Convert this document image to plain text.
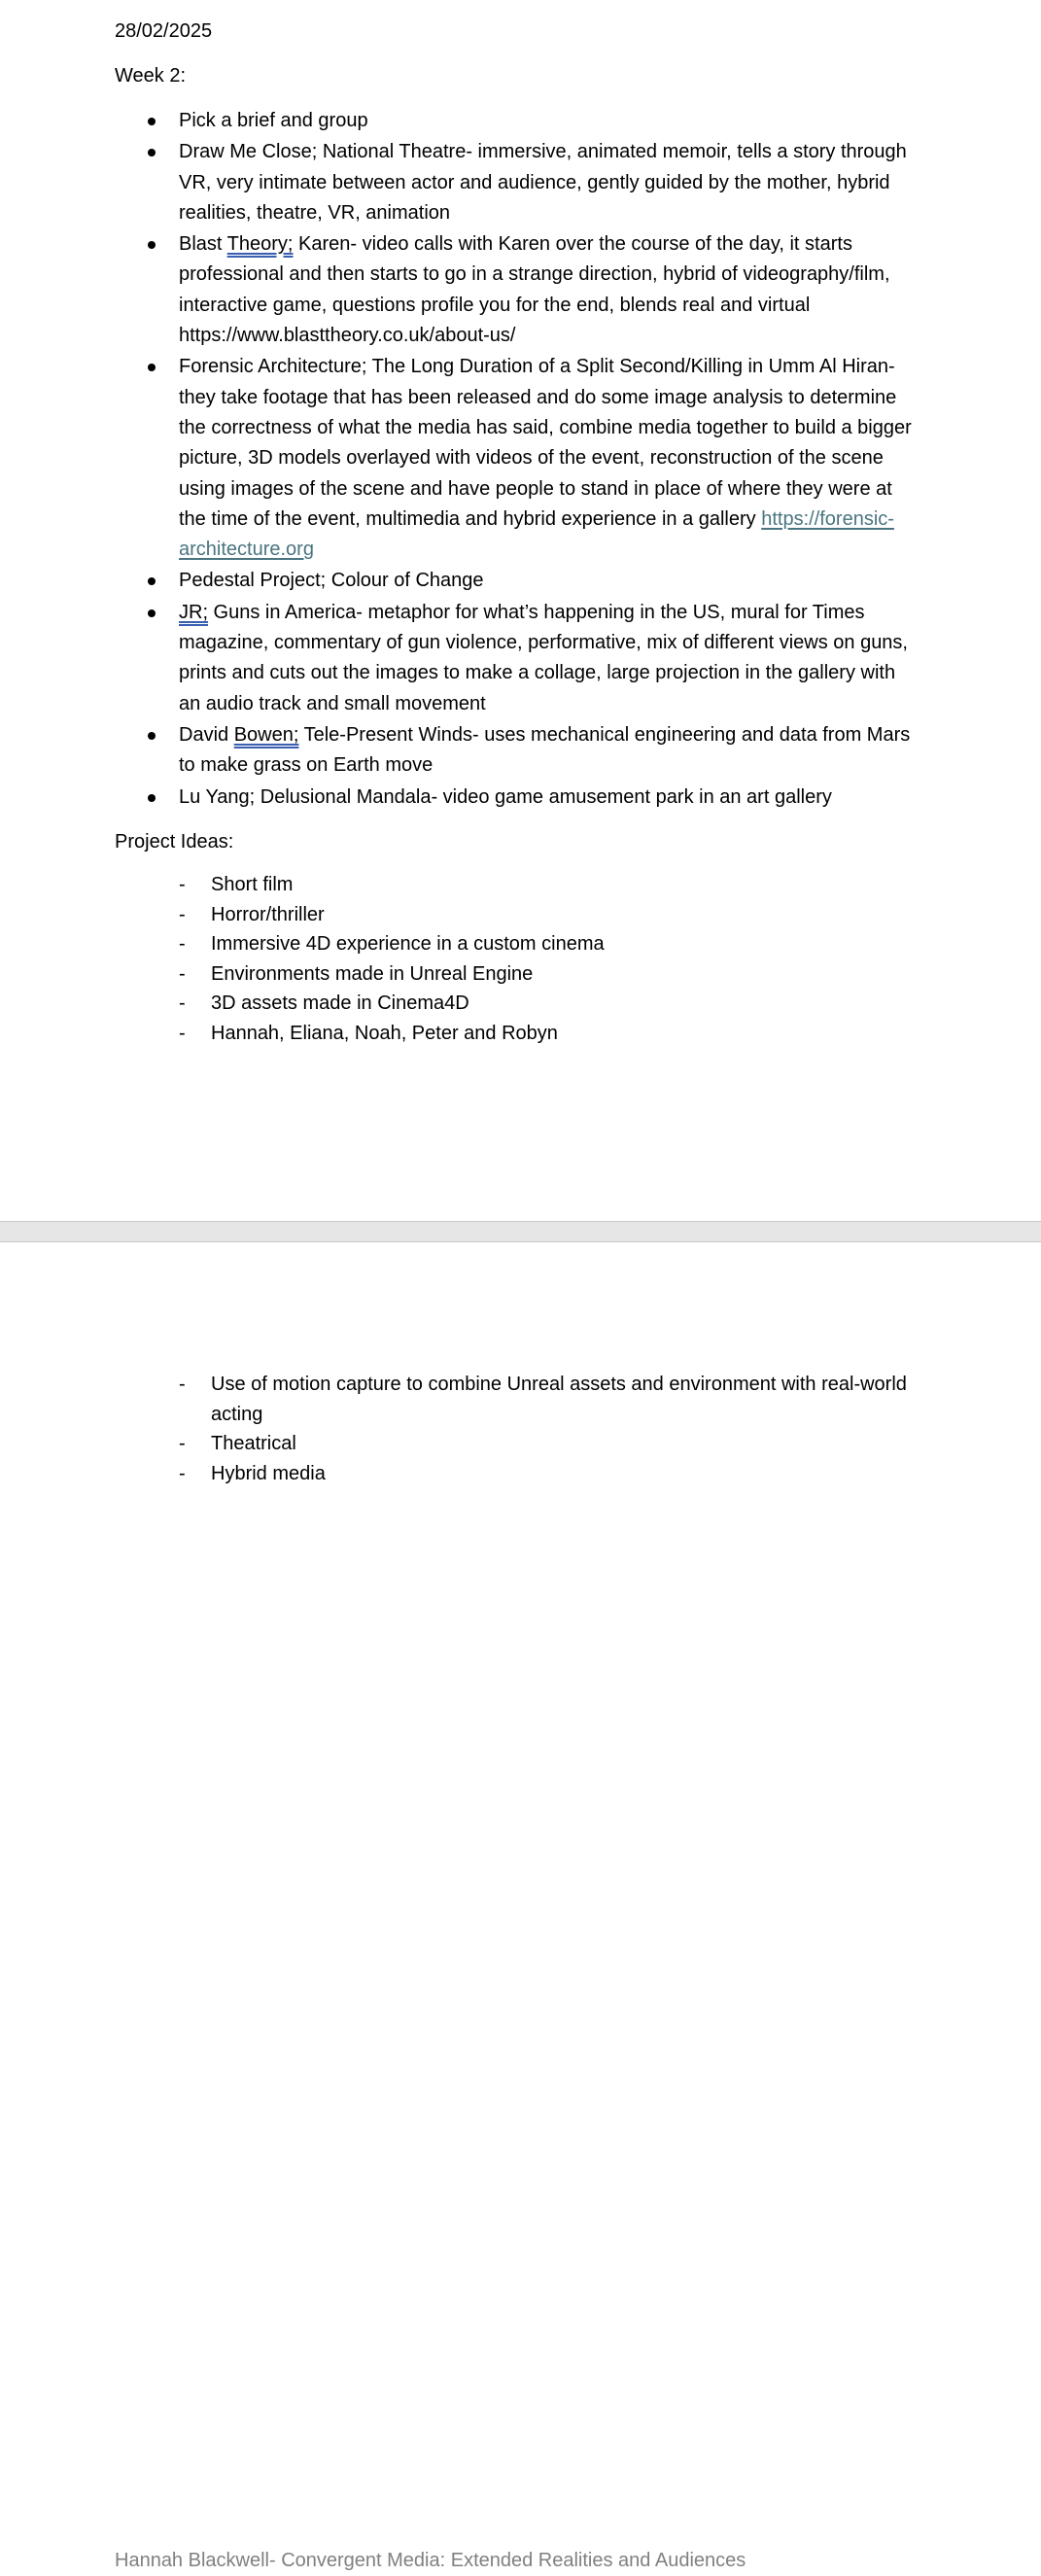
28/02/2025
Week 2:
Pick a brief and group
Draw Me Close; National Theatre- immersive, animated memoir, tells a story through VR, very intimate between actor and audience, gently guided by the mother, hybrid realities, theatre, VR, animation
Blast Theory; Karen- video calls with Karen over the course of the day, it starts professional and then starts to go in a strange direction, hybrid of videography/film, interactive game, questions profile you for the end, blends real and virtual https://www.blasttheory.co.uk/about-us/
Forensic Architecture; The Long Duration of a Split Second/Killing in Umm Al Hiran- they take footage that has been released and do some image analysis to determine the correctness of what the media has said, combine media together to build a bigger picture, 3D models overlayed with videos of the event, reconstruction of the scene using images of the scene and have people to stand in place of where they were at the time of the event, multimedia and hybrid experience in a gallery https://forensic-architecture.org
Pedestal Project; Colour of Change
JR; Guns in America- metaphor for what’s happening in the US, mural for Times magazine, commentary of gun violence, performative, mix of different views on guns, prints and cuts out the images to make a collage, large projection in the gallery with an audio track and small movement
David Bowen; Tele-Present Winds- uses mechanical engineering and data from Mars to make grass on Earth move
Lu Yang; Delusional Mandala- video game amusement park in an art gallery
Project Ideas:
- Short film
- Horror/thriller
- Immersive 4D experience in a custom cinema
- Environments made in Unreal Engine
- 3D assets made in Cinema4D
- Hannah, Eliana, Noah, Peter and Robyn
Hannah Blackwell- Convergent Media: Extended Realities and Audiences
- Use of motion capture to combine Unreal assets and environment with real-world acting
- Theatrical
- Hybrid media
